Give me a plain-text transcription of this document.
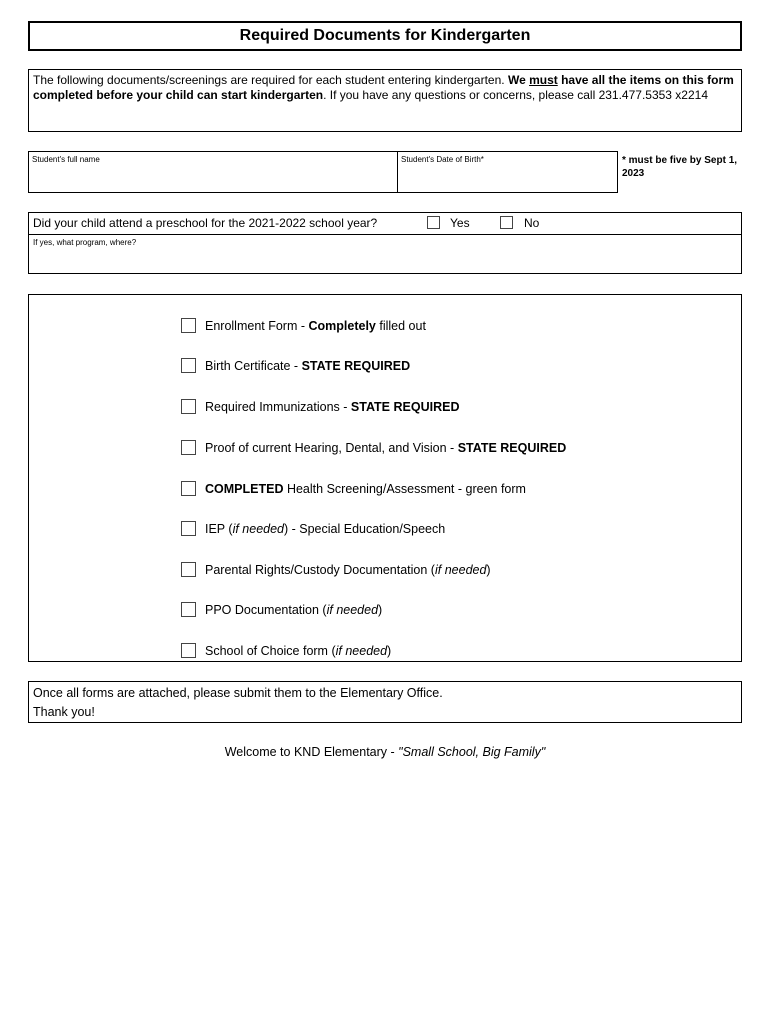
Required Documents for Kindergarten
The following documents/screenings are required for each student entering kindergarten. We must have all the items on this form completed before your child can start kindergarten. If you have any questions or concerns, please call 231.477.5353 x2214
Student's full name	Student's Date of Birth*	* must be five by Sept 1, 2023
Did your child attend a preschool for the 2021-2022 school year?	Yes	No
If yes, what program, where?
Enrollment Form - Completely filled out
Birth Certificate - STATE REQUIRED
Required Immunizations - STATE REQUIRED
Proof of current Hearing, Dental, and Vision - STATE REQUIRED
COMPLETED Health Screening/Assessment - green form
IEP (if needed) - Special Education/Speech
Parental Rights/Custody Documentation (if needed)
PPO Documentation (if needed)
School of Choice form (if needed)
Once all forms are attached, please submit them to the Elementary Office.
Thank you!
Welcome to KND Elementary - "Small School, Big Family"
